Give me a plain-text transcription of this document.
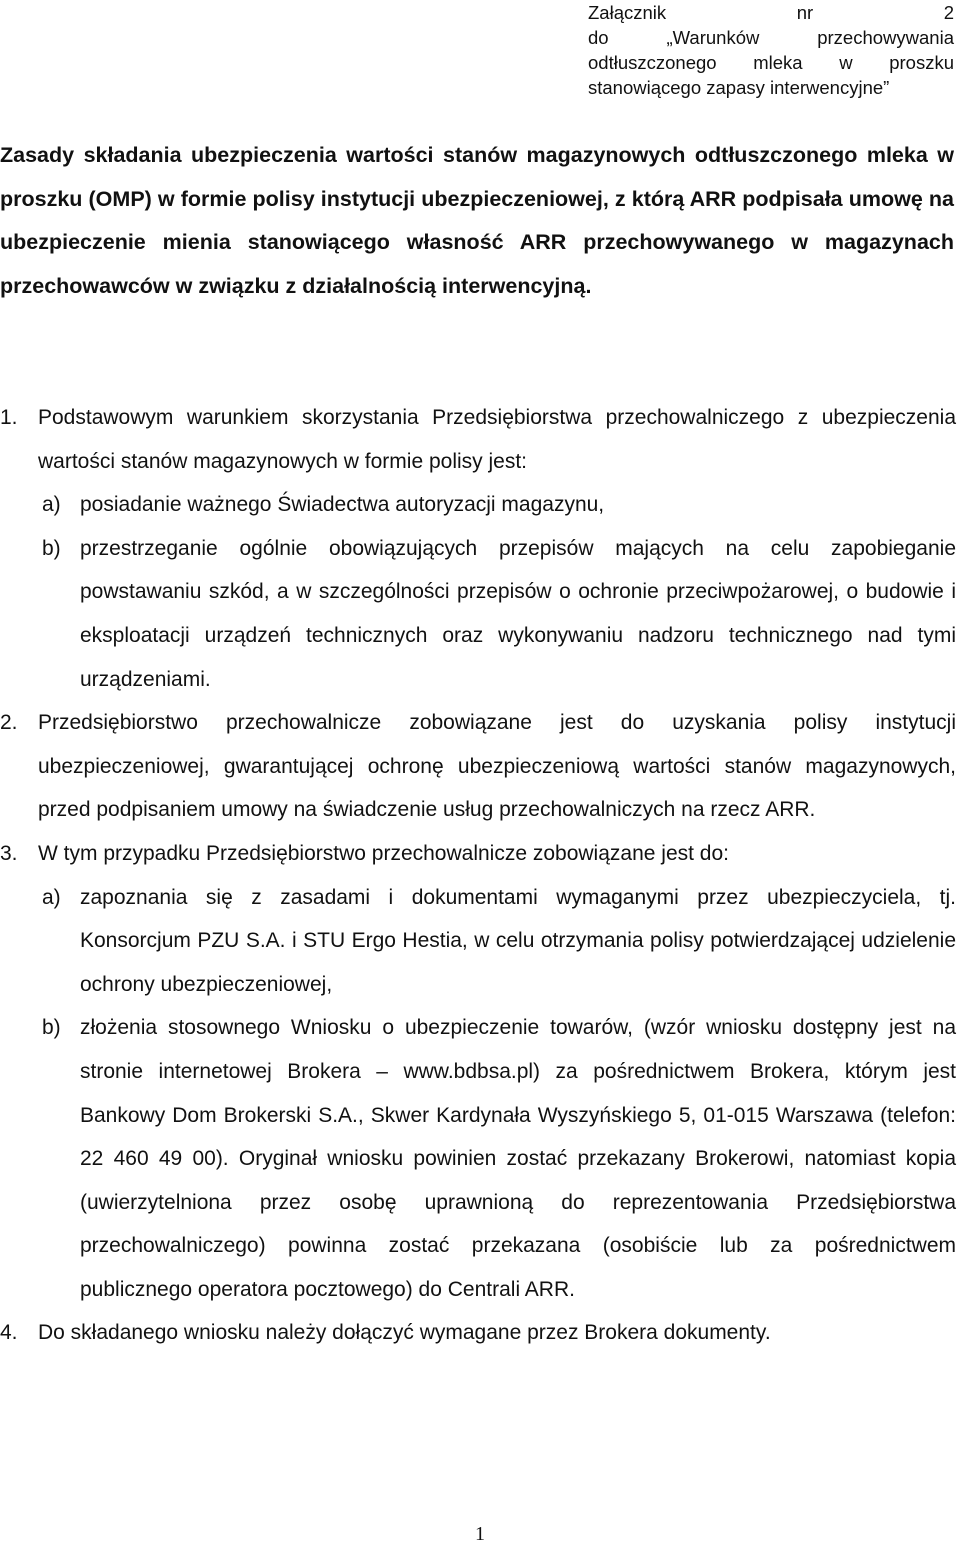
Załącznik nr 2
do „Warunków przechowywania
odtłuszczonego mleka w proszku
stanowiącego zapasy interwencyjne”
Zasady składania ubezpieczenia wartości stanów magazynowych odtłuszczonego mleka w proszku (OMP) w formie polisy instytucji ubezpieczeniowej, z którą ARR podpisała umowę na ubezpieczenie mienia stanowiącego własność ARR przechowywanego w magazynach przechowawców w związku z działalnością interwencyjną.
1. Podstawowym warunkiem skorzystania Przedsiębiorstwa przechowalniczego z ubezpieczenia wartości stanów magazynowych w formie polisy jest:
a) posiadanie ważnego Świadectwa autoryzacji magazynu,
b) przestrzeganie ogólnie obowiązujących przepisów mających na celu zapobieganie powstawaniu szkód, a w szczególności przepisów o ochronie przeciwpożarowej, o budowie i eksploatacji urządzeń technicznych oraz wykonywaniu nadzoru technicznego nad tymi urządzeniami.
2. Przedsiębiorstwo przechowalnicze zobowiązane jest do uzyskania polisy instytucji ubezpieczeniowej, gwarantującej ochronę ubezpieczeniową wartości stanów magazynowych, przed podpisaniem umowy na świadczenie usług przechowalniczych na rzecz ARR.
3. W tym przypadku Przedsiębiorstwo przechowalnicze zobowiązane jest do:
a) zapoznania się z zasadami i dokumentami wymaganymi przez ubezpieczyciela, tj. Konsorcjum PZU S.A. i STU Ergo Hestia, w celu otrzymania polisy potwierdzającej udzielenie ochrony ubezpieczeniowej,
b) złożenia stosownego Wniosku o ubezpieczenie towarów, (wzór wniosku dostępny jest na stronie internetowej Brokera – www.bdbsa.pl) za pośrednictwem Brokera, którym jest Bankowy Dom Brokerski S.A., Skwer Kardynała Wyszyńskiego 5, 01-015 Warszawa (telefon: 22 460 49 00). Oryginał wniosku powinien zostać przekazany Brokerowi, natomiast kopia (uwierzytelniona przez osobę uprawnioną do reprezentowania Przedsiębiorstwa przechowalniczego) powinna zostać przekazana (osobiście lub za pośrednictwem publicznego operatora pocztowego) do Centrali ARR.
4. Do składanego wniosku należy dołączyć wymagane przez Brokera dokumenty.
1
